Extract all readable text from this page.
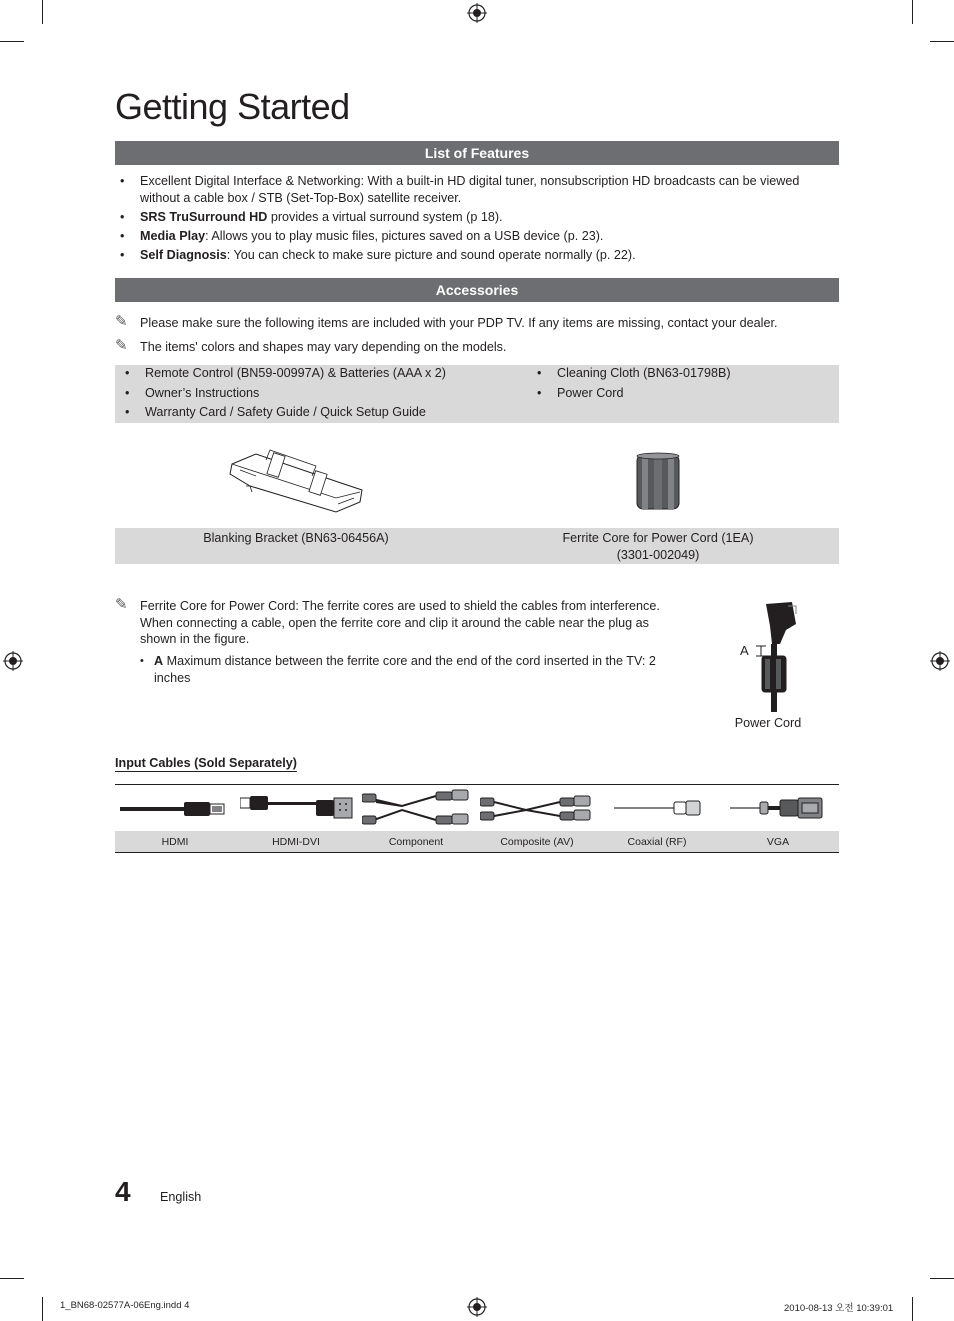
Getting Started
List of Features
• Excellent Digital Interface & Networking: With a built-in HD digital tuner, nonsubscription HD broadcasts can be viewed without a cable box / STB (Set-Top-Box) satellite receiver.
• SRS TruSurround HD provides a virtual surround system (p 18).
• Media Play: Allows you to play music files, pictures saved on a USB device (p. 23).
• Self Diagnosis: You can check to make sure picture and sound operate normally (p. 22).
Accessories
✎ Please make sure the following items are included with your PDP TV. If any items are missing, contact your dealer.
✎ The items' colors and shapes may vary depending on the models.
• Remote Control (BN59-00997A) & Batteries (AAA x 2)
• Owner’s Instructions
• Warranty Card / Safety Guide / Quick Setup Guide
• Cleaning Cloth (BN63-01798B)
• Power Cord
Blanking Bracket (BN63-06456A)	Ferrite Core for Power Cord (1EA)
(3301-002049)
✎ Ferrite Core for Power Cord: The ferrite cores are used to shield the cables from interference. When connecting a cable, open the ferrite core and clip it around the cable near the plug as shown in the figure.
• A Maximum distance between the ferrite core and the end of the cord inserted in the TV: 2 inches
A
Power Cord
Input Cables (Sold Separately)
HDMI	HDMI-DVI	Component	Composite (AV)	Coaxial (RF)	VGA
4 English
1_BN68-02577A-06Eng.indd 4	2010-08-13 오전 10:39:01
